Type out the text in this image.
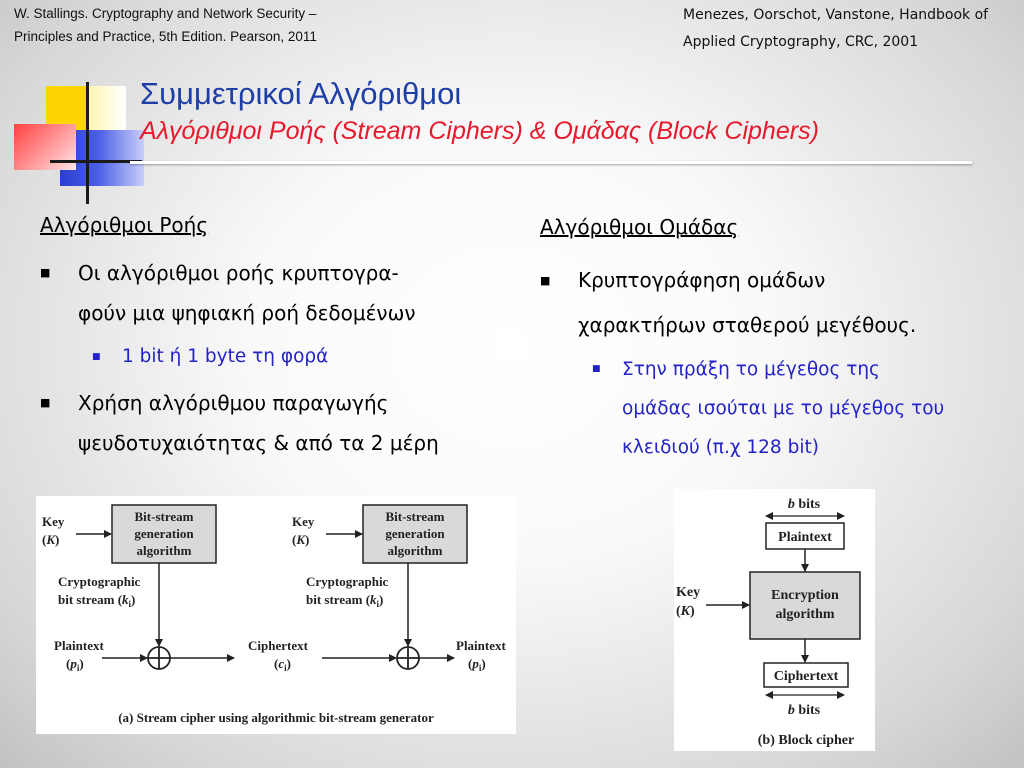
W. Stallings. Cryptography and Network Security –
Principles and Practice, 5th Edition. Pearson, 2011
Menezes, Oorschot, Vanstone, Handbook of
Applied Cryptography, CRC, 2001
Συμμετρικοί Αλγόριθμοι
Αλγόριθμοι Ροής (Stream Ciphers) & Ομάδας (Block Ciphers)
Αλγόριθμοι Ροής
■ Οι αλγόριθμοι ροής κρυπτογρα-
φούν μια ψηφιακή ροή δεδομένων
■ 1 bit ή 1 byte τη φορά
■ Χρήση αλγόριθμου παραγωγής
ψευδοτυχαιότητας & από τα 2 μέρη
Αλγόριθμοι Ομάδας
■ Κρυπτογράφηση ομάδων
χαρακτήρων σταθερού μεγέθους.
■ Στην πράξη το μέγεθος της
ομάδας ισούται με το μέγεθος του
κλειδιού (π.χ 128 bit)
Bit-stream
generation
algorithm
Key
(K)
Cryptographic
bit stream $(k_i)$
Plaintext
$(p_i)$
Bit-stream
generation
algorithm
Key
(K)
Cryptographic
bit stream $(k_i)$
Ciphertext
$(c_i)$
Plaintext
$(p_i)$
(a) Stream cipher using algorithmic bit-stream generator
b bits
Plaintext
Encryption
algorithm
Key
(K)
Ciphertext
b bits
(b) Block cipher
